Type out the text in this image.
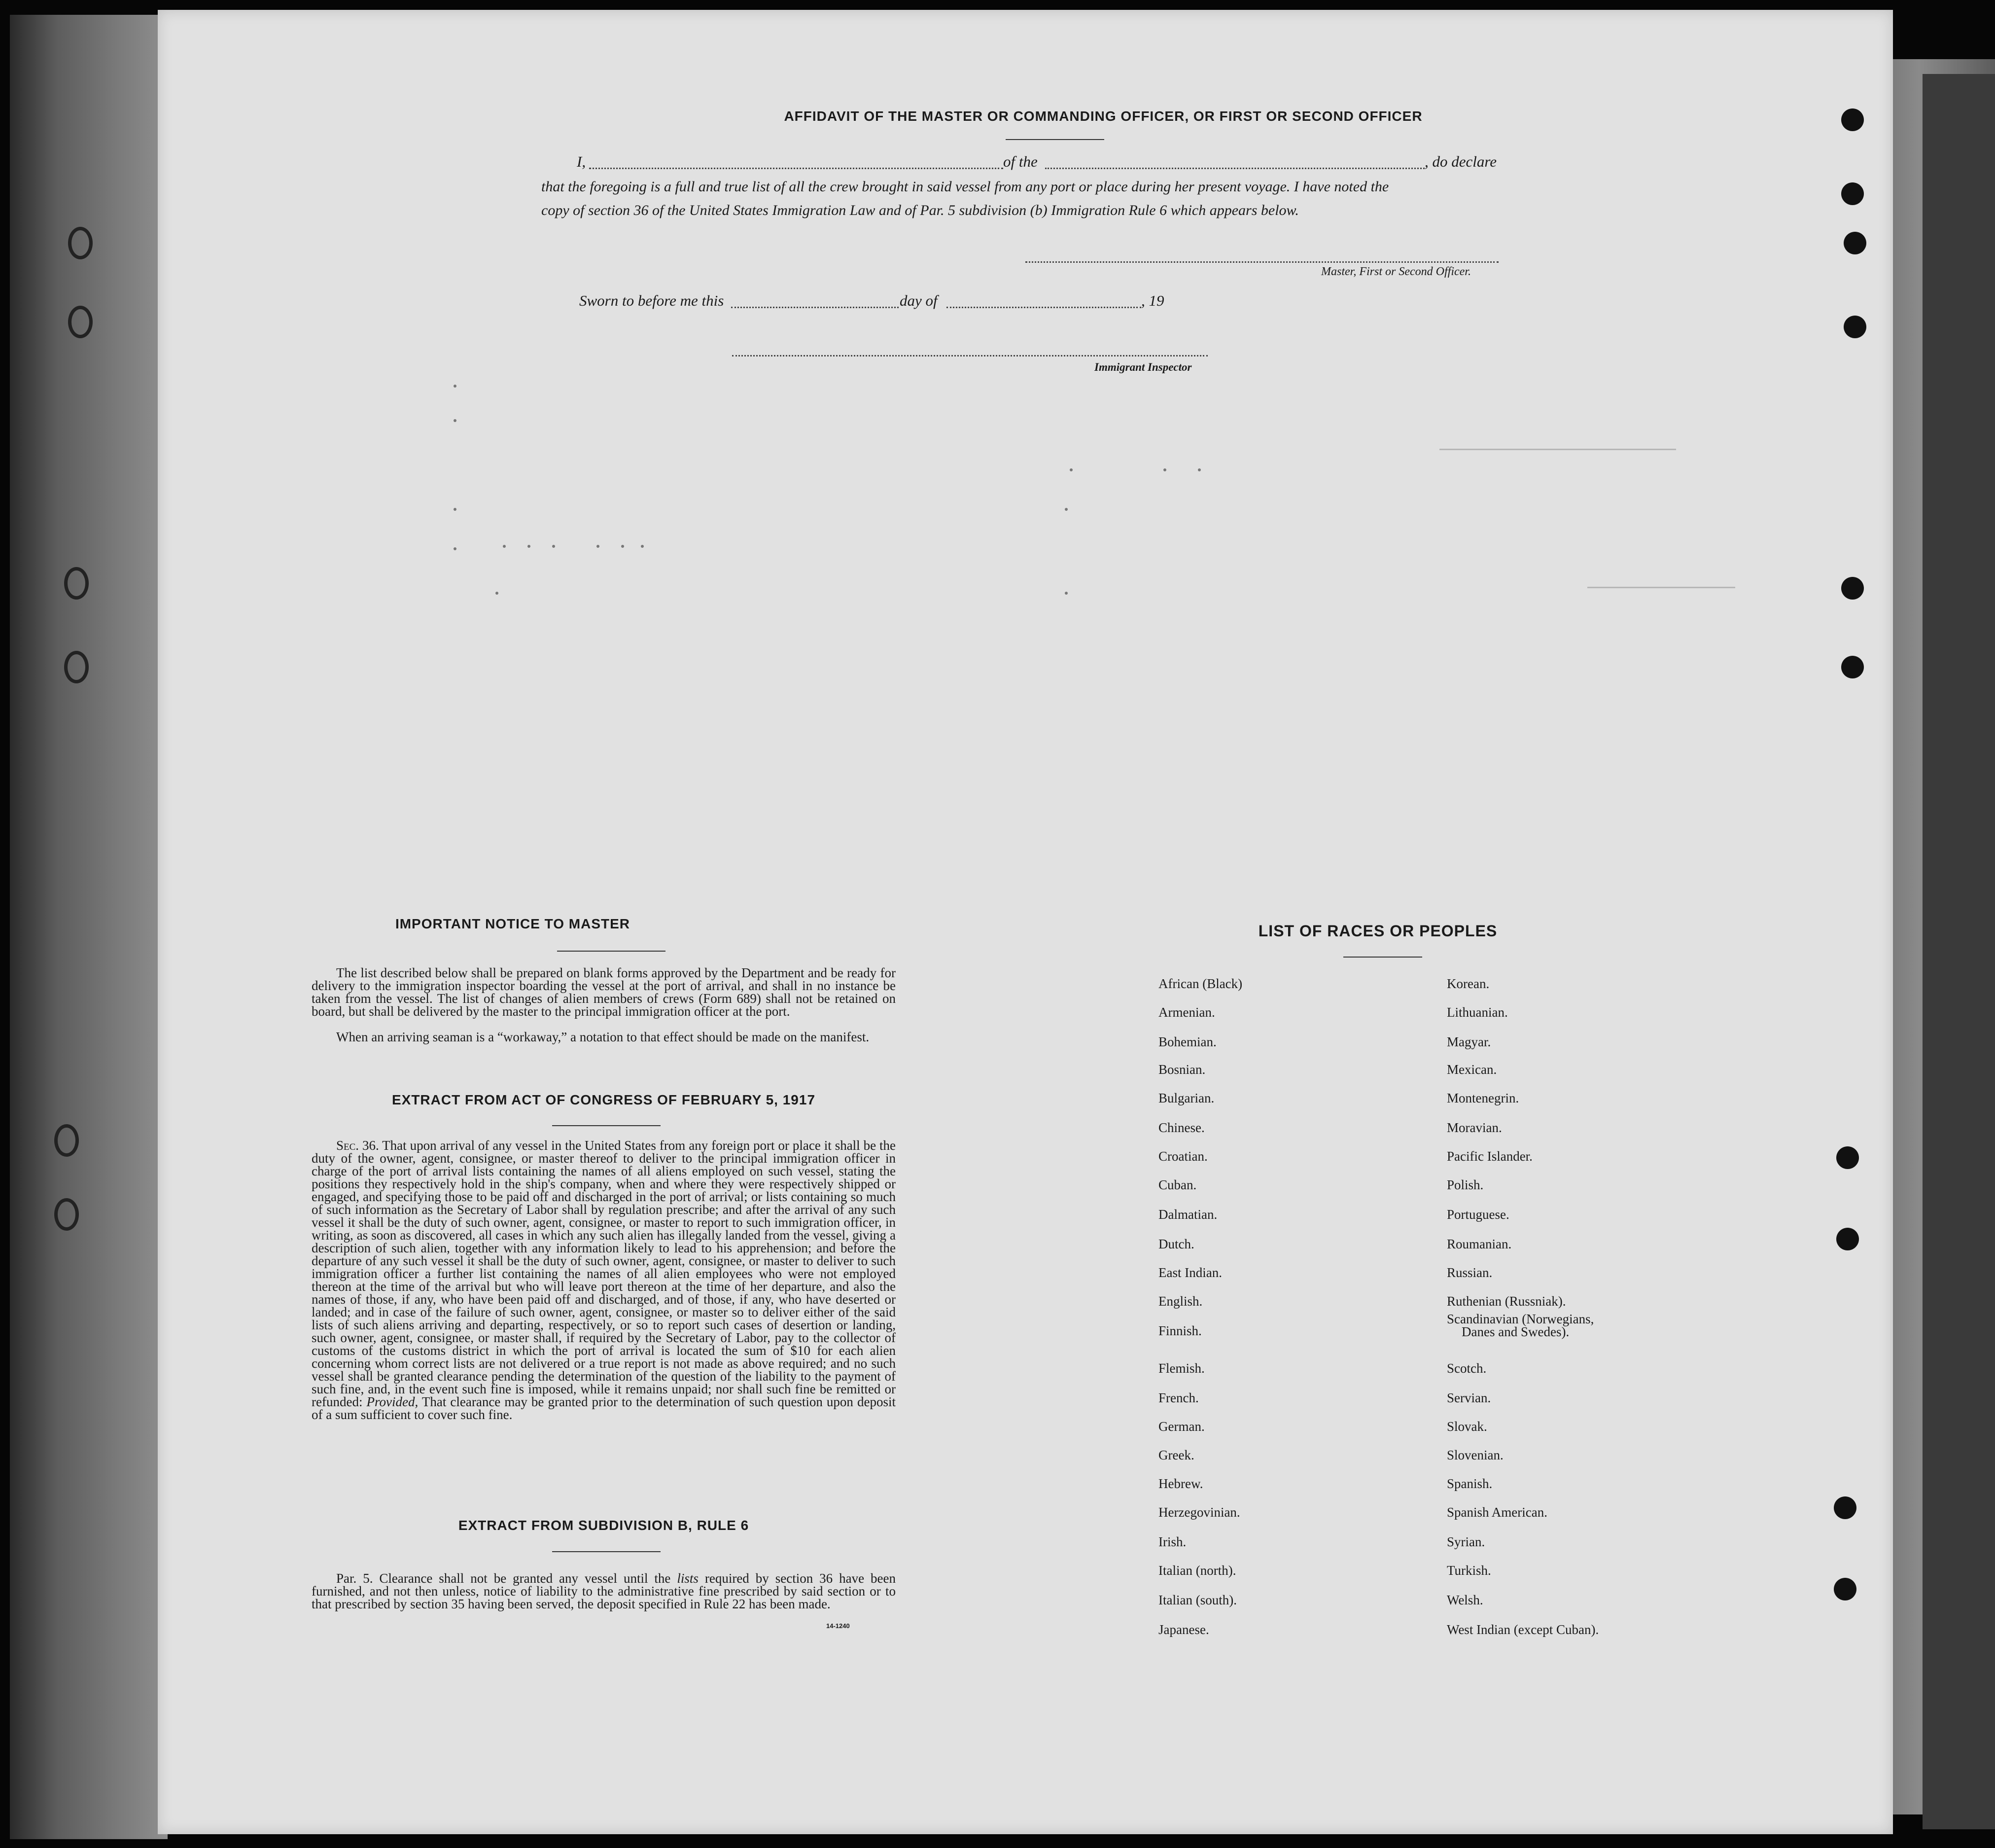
AFFIDAVIT OF THE MASTER OR COMMANDING OFFICER, OR FIRST OR SECOND OFFICER
I,	of the	, do declare
that the foregoing is a full and true list of all the crew brought in said vessel from any port or place during her present voyage. I have noted the
copy of section 36 of the United States Immigration Law and of Par. 5 subdivision (b) Immigration Rule 6 which appears below.
Master, First or Second Officer.
Sworn to before me this	day of	, 19
Immigrant Inspector
IMPORTANT NOTICE TO MASTER
The list described below shall be prepared on blank forms approved by the Department and be ready for delivery to the immigration inspector boarding the vessel at the port of arrival, and shall in no instance be taken from the vessel. The list of changes of alien members of crews (Form 689) shall not be retained on board, but shall be delivered by the master to the principal immigration officer at the port.
When an arriving seaman is a “workaway,” a notation to that effect should be made on the manifest.
EXTRACT FROM ACT OF CONGRESS OF FEBRUARY 5, 1917
Sec. 36. That upon arrival of any vessel in the United States from any foreign port or place it shall be the duty of the owner, agent, consignee, or master thereof to deliver to the principal immigration officer in charge of the port of arrival lists containing the names of all aliens employed on such vessel, stating the positions they respectively hold in the ship's company, when and where they were respectively shipped or engaged, and specifying those to be paid off and discharged in the port of arrival; or lists containing so much of such information as the Secretary of Labor shall by regulation prescribe; and after the arrival of any such vessel it shall be the duty of such owner, agent, consignee, or master to report to such immigration officer, in writing, as soon as discovered, all cases in which any such alien has illegally landed from the vessel, giving a description of such alien, together with any information likely to lead to his apprehension; and before the departure of any such vessel it shall be the duty of such owner, agent, consignee, or master to deliver to such immigration officer a further list containing the names of all alien employees who were not employed thereon at the time of the arrival but who will leave port thereon at the time of her departure, and also the names of those, if any, who have been paid off and discharged, and of those, if any, who have deserted or landed; and in case of the failure of such owner, agent, consignee, or master so to deliver either of the said lists of such aliens arriving and departing, respectively, or so to report such cases of desertion or landing, such owner, agent, consignee, or master shall, if required by the Secretary of Labor, pay to the collector of customs of the customs district in which the port of arrival is located the sum of $10 for each alien concerning whom correct lists are not delivered or a true report is not made as above required; and no such vessel shall be granted clearance pending the determination of the question of the liability to the payment of such fine, and, in the event such fine is imposed, while it remains unpaid; nor shall such fine be remitted or refunded: Provided, That clearance may be granted prior to the determination of such question upon deposit of a sum sufficient to cover such fine.
EXTRACT FROM SUBDIVISION B, RULE 6
Par. 5. Clearance shall not be granted any vessel until the lists required by section 36 have been furnished, and not then unless, notice of liability to the administrative fine prescribed by said section or to that prescribed by section 35 having been served, the deposit specified in Rule 22 has been made.
14-1240
LIST OF RACES OR PEOPLES
African (Black)
Armenian.
Bohemian.
Bosnian.
Bulgarian.
Chinese.
Croatian.
Cuban.
Dalmatian.
Dutch.
East Indian.
English.
Finnish.
Flemish.
French.
German.
Greek.
Hebrew.
Herzegovinian.
Irish.
Italian (north).
Italian (south).
Japanese.
Korean.
Lithuanian.
Magyar.
Mexican.
Montenegrin.
Moravian.
Pacific Islander.
Polish.
Portuguese.
Roumanian.
Russian.
Ruthenian (Russniak).
Scandinavian (Norwegians,
Danes and Swedes).
Scotch.
Servian.
Slovak.
Slovenian.
Spanish.
Spanish American.
Syrian.
Turkish.
Welsh.
West Indian (except Cuban).
